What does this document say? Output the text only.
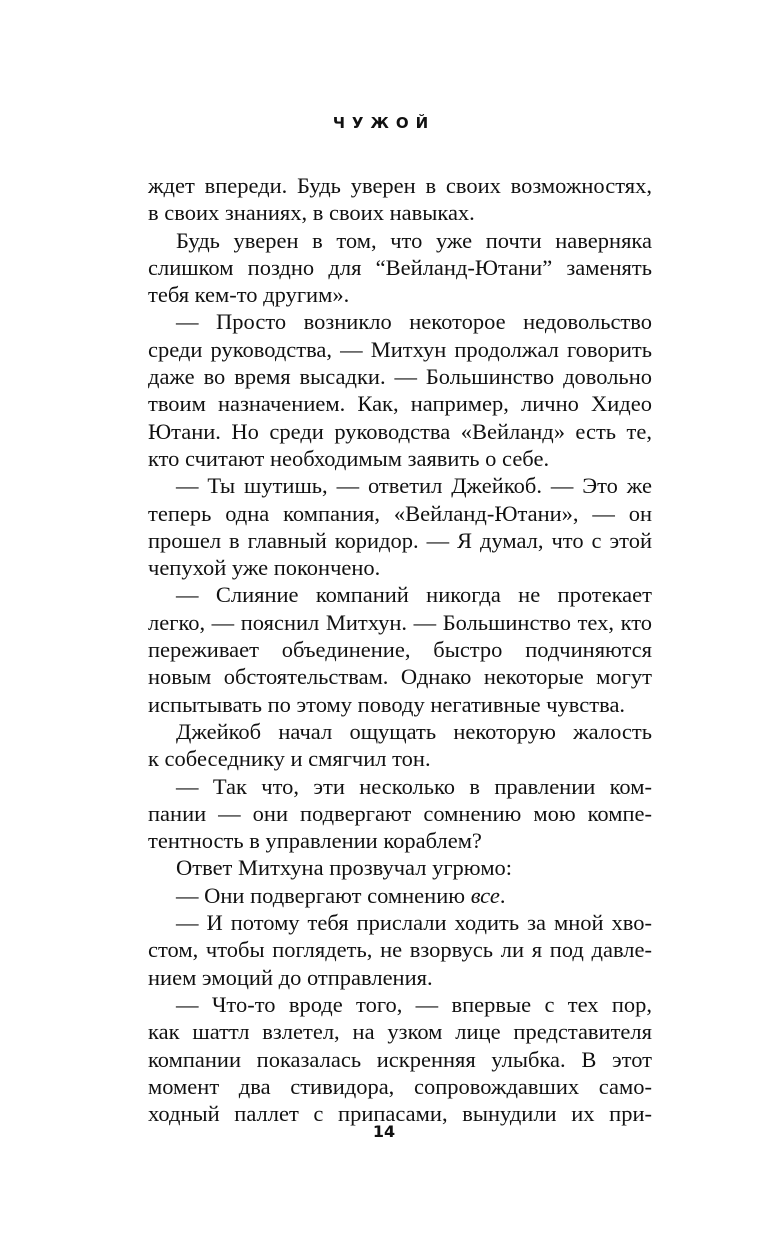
ЧУЖОЙ

ждет впереди. Будь уверен в своих возможностях,

в своих знаниях, в своих навыках.

Будь уверен в том, что уже почти наверняка

слишком поздно для “Вейланд-Ютани” заменять

тебя кем-то другим».

— Просто возникло некоторое недовольство

среди руководства, — Митхун продолжал говорить

даже во время высадки. — Большинство довольно

твоим назначением. Как, например, лично Хидео

Ютани. Но среди руководства «Вейланд» есть те,

кто считают необходимым заявить о себе.

— Ты шутишь, — ответил Джейкоб. — Это же

теперь одна компания, «Вейланд-Ютани», — он

прошел в главный коридор. — Я думал, что с этой

чепухой уже покончено.

— Слияние компаний никогда не протекает

легко, — пояснил Митхун. — Большинство тех, кто

переживает объединение, быстро подчиняются

новым обстоятельствам. Однако некоторые могут

испытывать по этому поводу негативные чувства.

Джейкоб начал ощущать некоторую жалость

к собеседнику и смягчил тон.

— Так что, эти несколько в правлении ком-

пании — они подвергают сомнению мою компе-

тентность в управлении кораблем?

Ответ Митхуна прозвучал угрюмо:

— Они подвергают сомнению все.

— И потому тебя прислали ходить за мной хво-

стом, чтобы поглядеть, не взорвусь ли я под давле-

нием эмоций до отправления.

— Что-то вроде того, — впервые с тех пор,

как шаттл взлетел, на узком лице представителя

компании показалась искренняя улыбка. В этот

момент два стивидора, сопровождавших само-

ходный паллет с припасами, вынудили их при-

14
